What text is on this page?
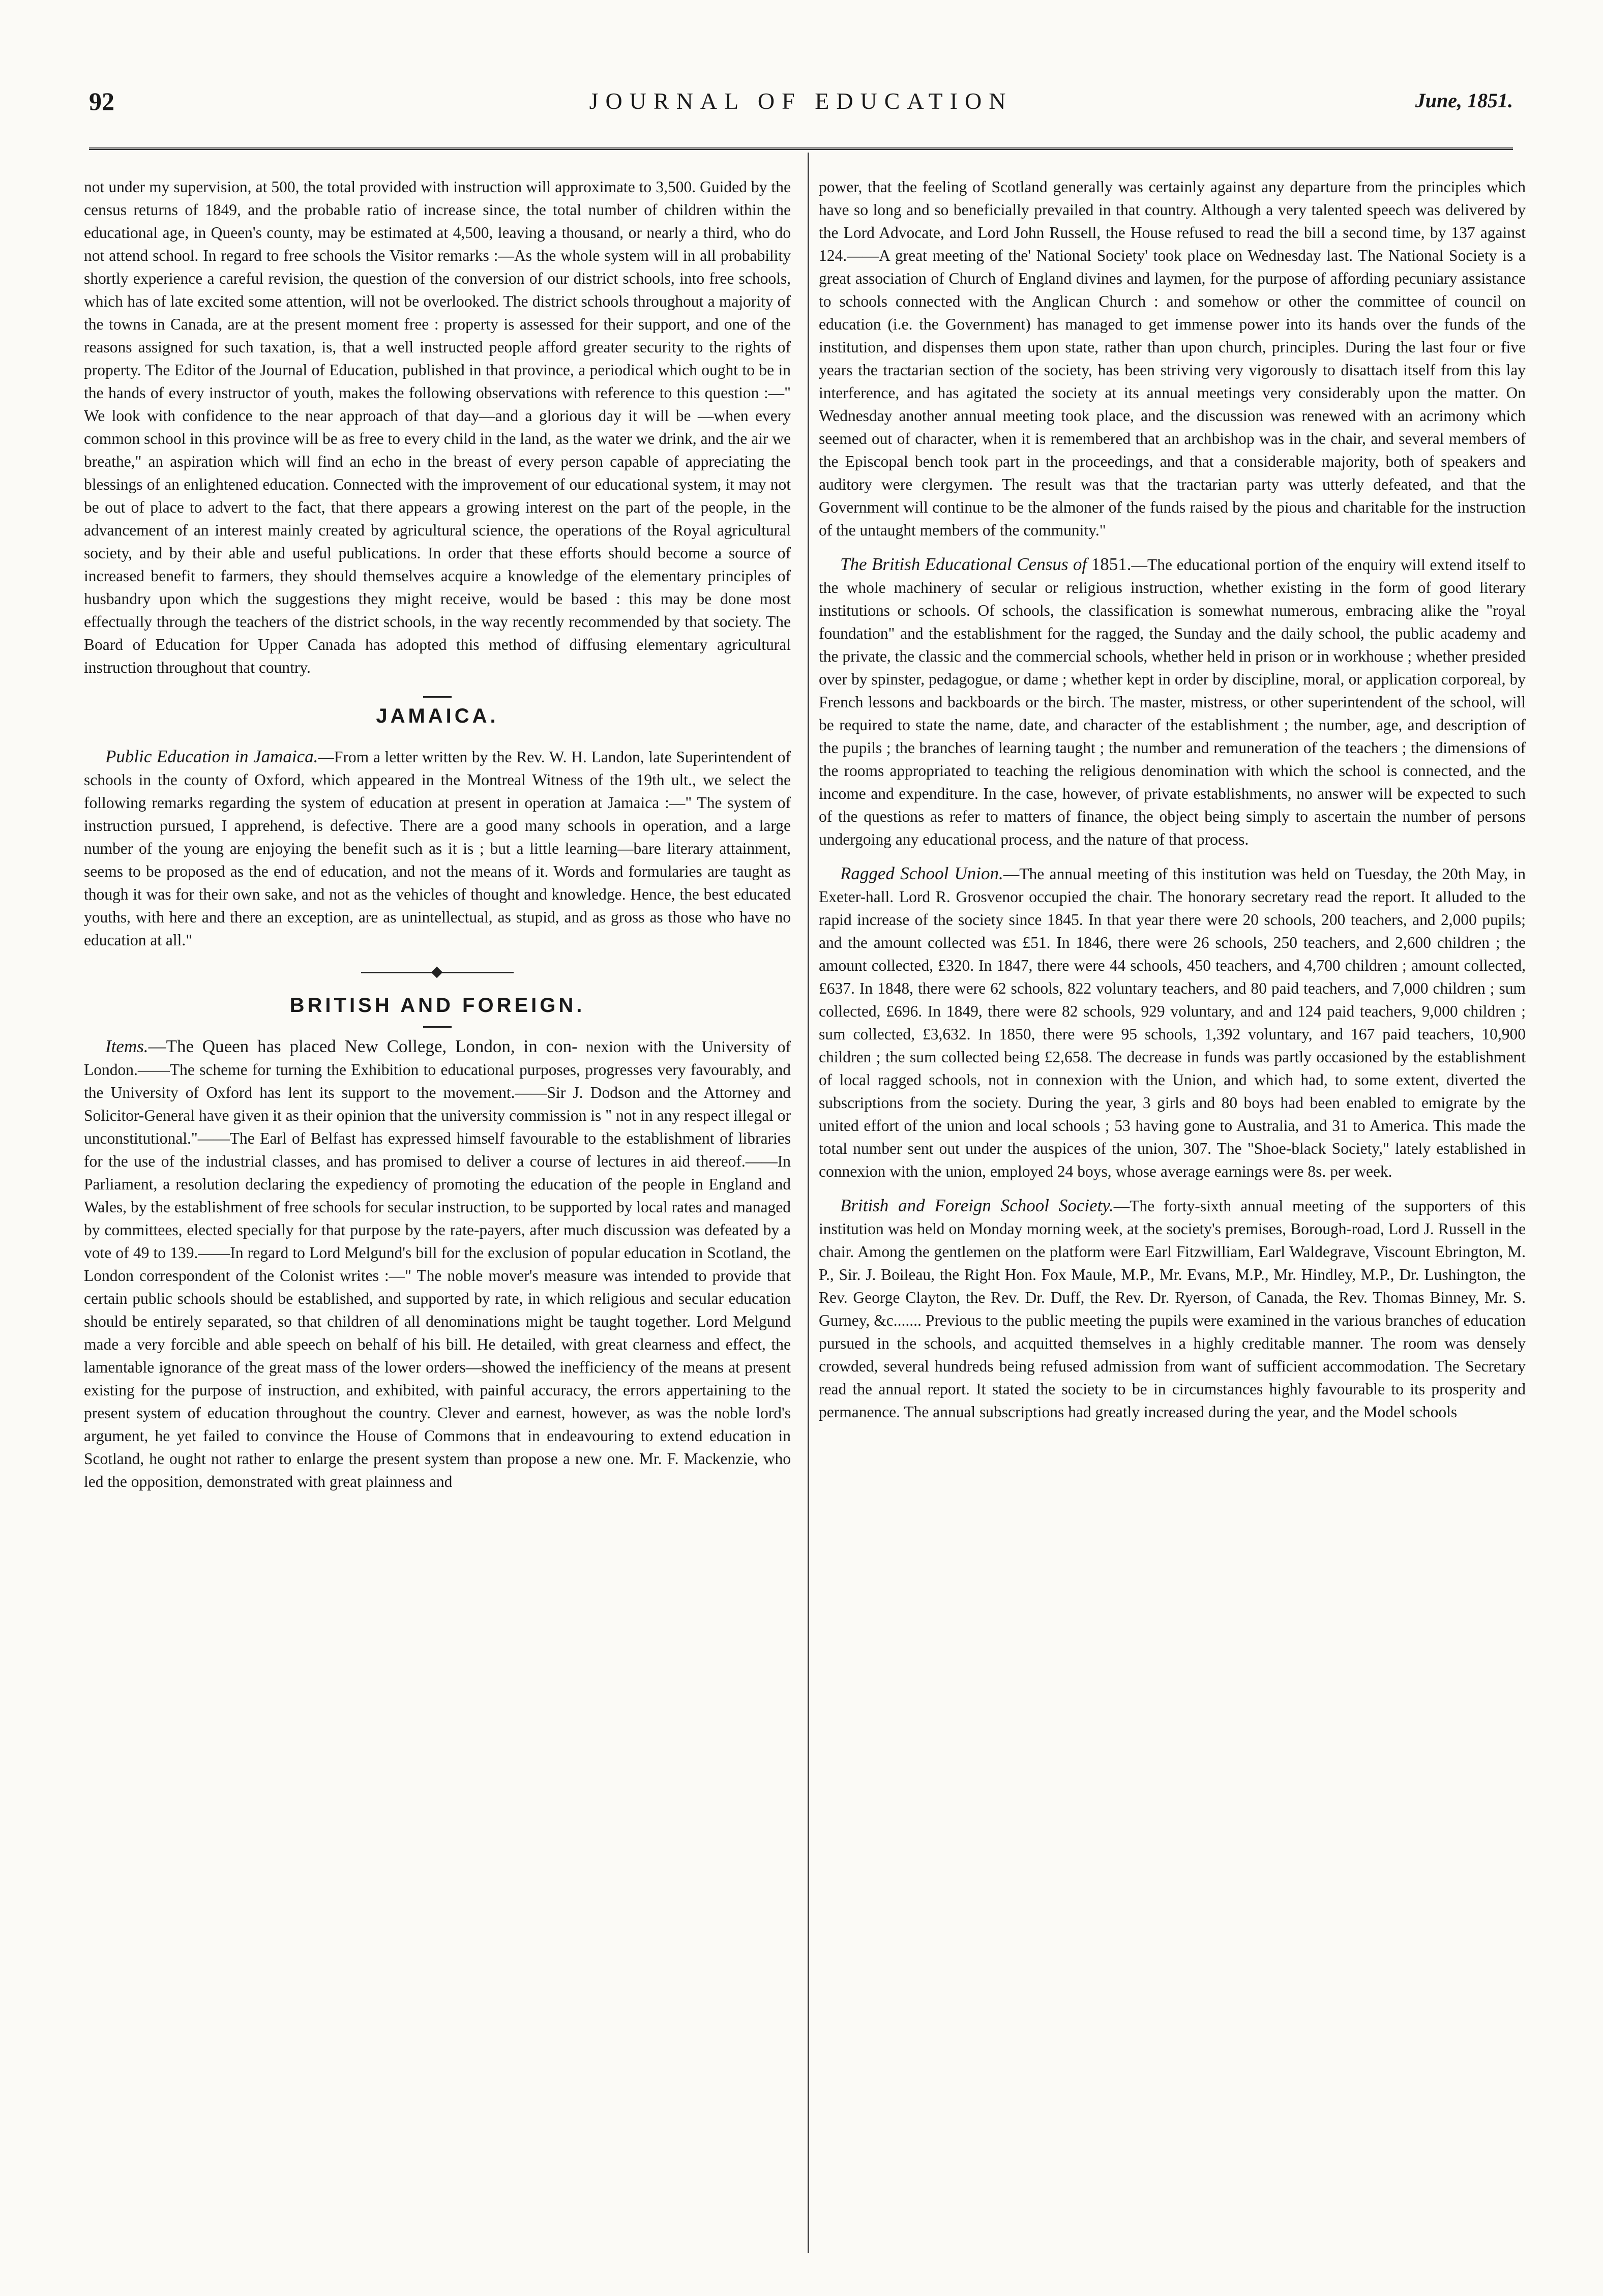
92	JOURNAL OF EDUCATION	June, 1851.

not under my supervision, at 500, the total provided with instruction will approximate to 3,500. Guided by the census returns of 1849, and the probable ratio of increase since, the total number of children within the educational age, in Queen's county, may be estimated at 4,500, leaving a thousand, or nearly a third, who do not attend school. In regard to free schools the Visitor remarks :—As the whole system will in all probability shortly experience a careful revision, the question of the conversion of our district schools, into free schools, which has of late excited some attention, will not be overlooked. The district schools throughout a majority of the towns in Canada, are at the present moment free : property is assessed for their support, and one of the reasons assigned for such taxation, is, that a well instructed people afford greater security to the rights of property. The Editor of the Journal of Education, published in that province, a periodical which ought to be in the hands of every instructor of youth, makes the following observations with reference to this question :—" We look with confidence to the near approach of that day—and a glorious day it will be —when every common school in this province will be as free to every child in the land, as the water we drink, and the air we breathe," an aspiration which will find an echo in the breast of every person capable of appreciating the blessings of an enlightened education. Connected with the improvement of our educational system, it may not be out of place to advert to the fact, that there appears a growing interest on the part of the people, in the advancement of an interest mainly created by agricultural science, the operations of the Royal agricultural society, and by their able and useful publications. In order that these efforts should become a source of increased benefit to farmers, they should themselves acquire a knowledge of the elementary principles of husbandry upon which the suggestions they might receive, would be based : this may be done most effectually through the teachers of the district schools, in the way recently recommended by that society. The Board of Education for Upper Canada has adopted this method of diffusing elementary agricultural instruction throughout that country.

JAMAICA.

Public Education in Jamaica.—From a letter written by the Rev. W. H. Landon, late Superintendent of schools in the county of Oxford, which appeared in the Montreal Witness of the 19th ult., we select the following remarks regarding the system of education at present in operation at Jamaica :—" The system of instruction pursued, I apprehend, is defective. There are a good many schools in operation, and a large number of the young are enjoying the benefit such as it is ; but a little learning—bare literary attainment, seems to be proposed as the end of education, and not the means of it. Words and formularies are taught as though it was for their own sake, and not as the vehicles of thought and knowledge. Hence, the best educated youths, with here and there an exception, are as unintellectual, as stupid, and as gross as those who have no education at all."

BRITISH AND FOREIGN.

Items.—The Queen has placed New College, London, in con- nexion with the University of London.——The scheme for turning the Exhibition to educational purposes, progresses very favourably, and the University of Oxford has lent its support to the movement.——Sir J. Dodson and the Attorney and Solicitor-General have given it as their opinion that the university commission is " not in any respect illegal or unconstitutional."——The Earl of Belfast has expressed himself favourable to the establishment of libraries for the use of the industrial classes, and has promised to deliver a course of lectures in aid thereof.——In Parliament, a resolution declaring the expediency of promoting the education of the people in England and Wales, by the establishment of free schools for secular instruction, to be supported by local rates and managed by committees, elected specially for that purpose by the rate-payers, after much discussion was defeated by a vote of 49 to 139.——In regard to Lord Melgund's bill for the exclusion of popular education in Scotland, the London correspondent of the Colonist writes :—" The noble mover's measure was intended to provide that certain public schools should be established, and supported by rate, in which religious and secular education should be entirely separated, so that children of all denominations might be taught together. Lord Melgund made a very forcible and able speech on behalf of his bill. He detailed, with great clearness and effect, the lamentable ignorance of the great mass of the lower orders—showed the inefficiency of the means at present existing for the purpose of instruction, and exhibited, with painful accuracy, the errors appertaining to the present system of education throughout the country. Clever and earnest, however, as was the noble lord's argument, he yet failed to convince the House of Commons that in endeavouring to extend education in Scotland, he ought not rather to enlarge the present system than propose a new one. Mr. F. Mackenzie, who led the opposition, demonstrated with great plainness and

power, that the feeling of Scotland generally was certainly against any departure from the principles which have so long and so beneficially prevailed in that country. Although a very talented speech was delivered by the Lord Advocate, and Lord John Russell, the House refused to read the bill a second time, by 137 against 124.——A great meeting of the' National Society' took place on Wednesday last. The National Society is a great association of Church of England divines and laymen, for the purpose of affording pecuniary assistance to schools connected with the Anglican Church : and somehow or other the committee of council on education (i.e. the Government) has managed to get immense power into its hands over the funds of the institution, and dispenses them upon state, rather than upon church, principles. During the last four or five years the tractarian section of the society, has been striving very vigorously to disattach itself from this lay interference, and has agitated the society at its annual meetings very considerably upon the matter. On Wednesday another annual meeting took place, and the discussion was renewed with an acrimony which seemed out of character, when it is remembered that an archbishop was in the chair, and several members of the Episcopal bench took part in the proceedings, and that a considerable majority, both of speakers and auditory were clergymen. The result was that the tractarian party was utterly defeated, and that the Government will continue to be the almoner of the funds raised by the pious and charitable for the instruction of the untaught members of the community."

The British Educational Census of 1851.—The educational portion of the enquiry will extend itself to the whole machinery of secular or religious instruction, whether existing in the form of good literary institutions or schools. Of schools, the classification is somewhat numerous, embracing alike the "royal foundation" and the establishment for the ragged, the Sunday and the daily school, the public academy and the private, the classic and the commercial schools, whether held in prison or in workhouse ; whether presided over by spinster, pedagogue, or dame ; whether kept in order by discipline, moral, or application corporeal, by French lessons and backboards or the birch. The master, mistress, or other superintendent of the school, will be required to state the name, date, and character of the establishment ; the number, age, and description of the pupils ; the branches of learning taught ; the number and remuneration of the teachers ; the dimensions of the rooms appropriated to teaching the religious denomination with which the school is connected, and the income and expenditure. In the case, however, of private establishments, no answer will be expected to such of the questions as refer to matters of finance, the object being simply to ascertain the number of persons undergoing any educational process, and the nature of that process.

Ragged School Union.—The annual meeting of this institution was held on Tuesday, the 20th May, in Exeter-hall. Lord R. Grosvenor occupied the chair. The honorary secretary read the report. It alluded to the rapid increase of the society since 1845. In that year there were 20 schools, 200 teachers, and 2,000 pupils; and the amount collected was £51. In 1846, there were 26 schools, 250 teachers, and 2,600 children ; the amount collected, £320. In 1847, there were 44 schools, 450 teachers, and 4,700 children ; amount collected, £637. In 1848, there were 62 schools, 822 voluntary teachers, and 80 paid teachers, and 7,000 children ; sum collected, £696. In 1849, there were 82 schools, 929 voluntary, and and 124 paid teachers, 9,000 children ; sum collected, £3,632. In 1850, there were 95 schools, 1,392 voluntary, and 167 paid teachers, 10,900 children ; the sum collected being £2,658. The decrease in funds was partly occasioned by the establishment of local ragged schools, not in connexion with the Union, and which had, to some extent, diverted the subscriptions from the society. During the year, 3 girls and 80 boys had been enabled to emigrate by the united effort of the union and local schools ; 53 having gone to Australia, and 31 to America. This made the total number sent out under the auspices of the union, 307. The "Shoe-black Society," lately established in connexion with the union, employed 24 boys, whose average earnings were 8s. per week.

British and Foreign School Society.—The forty-sixth annual meeting of the supporters of this institution was held on Monday morning week, at the society's premises, Borough-road, Lord J. Russell in the chair. Among the gentlemen on the platform were Earl Fitzwilliam, Earl Waldegrave, Viscount Ebrington, M. P., Sir. J. Boileau, the Right Hon. Fox Maule, M.P., Mr. Evans, M.P., Mr. Hindley, M.P., Dr. Lushington, the Rev. George Clayton, the Rev. Dr. Duff, the Rev. Dr. Ryerson, of Canada, the Rev. Thomas Binney, Mr. S. Gurney, &c....... Previous to the public meeting the pupils were examined in the various branches of education pursued in the schools, and acquitted themselves in a highly creditable manner. The room was densely crowded, several hundreds being refused admission from want of sufficient accommodation. The Secretary read the annual report. It stated the society to be in circumstances highly favourable to its prosperity and permanence. The annual subscriptions had greatly increased during the year, and the Model schools
